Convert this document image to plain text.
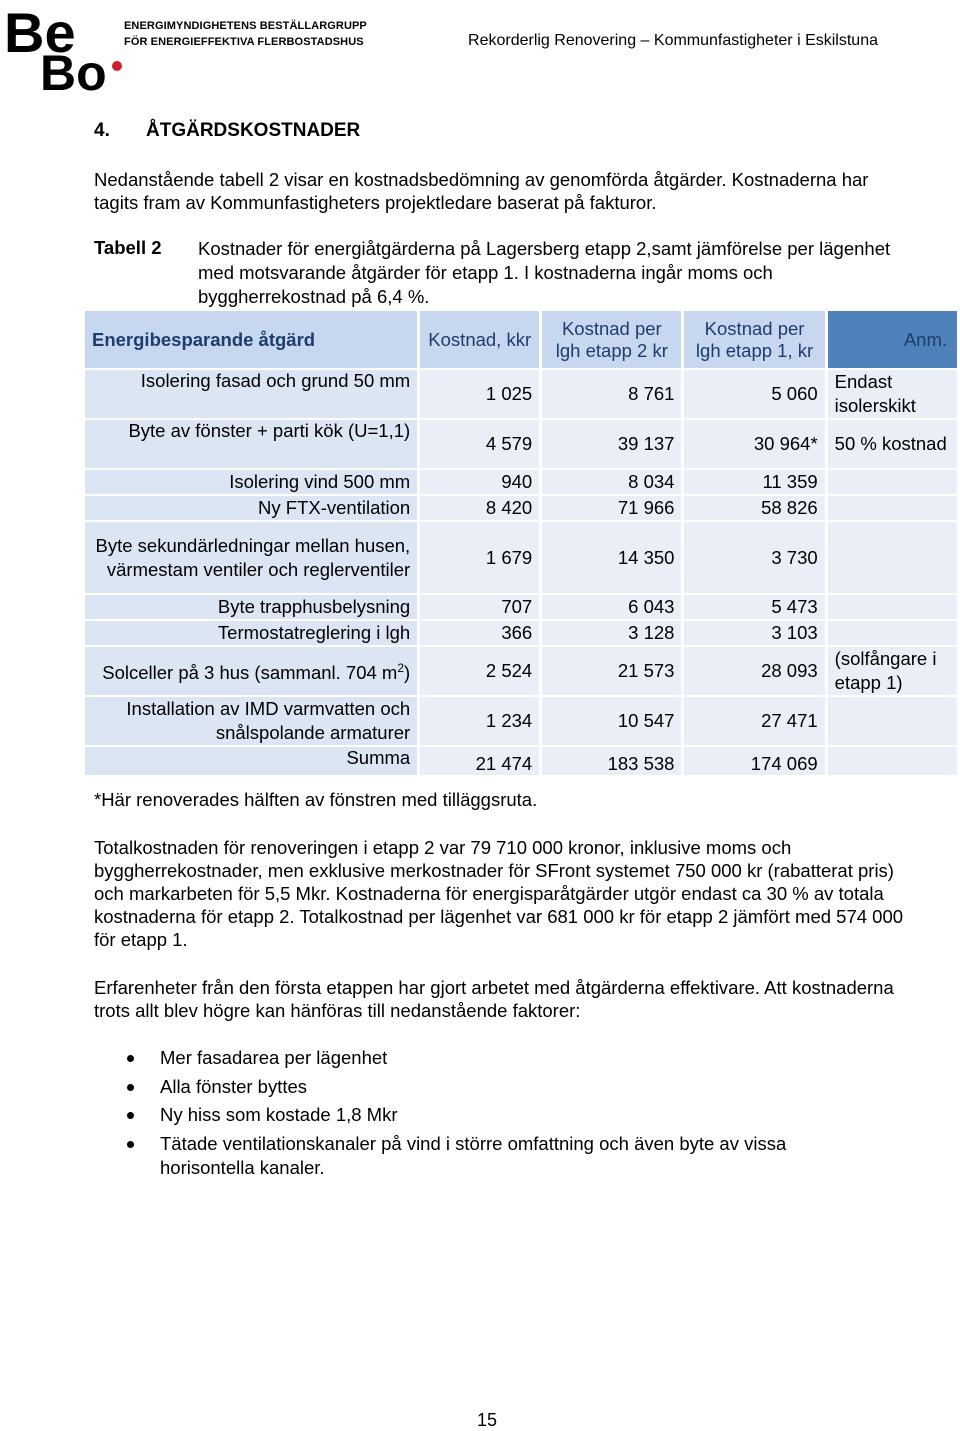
Be
Bo
ENERGIMYNDIGHETENS BESTÄLLARGRUPP
FÖR ENERGIEFFEKTIVA FLERBOSTADSHUS	Rekorderlig Renovering – Kommunfastigheter i Eskilstuna
4. ÅTGÄRDSKOSTNADER
Nedanstående tabell 2 visar en kostnadsbedömning av genomförda åtgärder. Kostnaderna har tagits fram av Kommunfastigheters projektledare baserat på fakturor.
Tabell 2 Kostnader för energiåtgärderna på Lagersberg etapp 2,samt jämförelse per lägenhet med motsvarande åtgärder för etapp 1. I kostnaderna ingår moms och byggherrekostnad på 6,4 %.
Energibesparande åtgärd	Kostnad, kkr	Kostnad per lgh etapp 2 kr	Kostnad per lgh etapp 1, kr	Anm.
Isolering fasad och grund 50 mm	1 025	8 761	5 060	Endast isolerskikt
Byte av fönster + parti kök (U=1,1)	4 579	39 137	30 964*	50 % kostnad
Isolering vind 500 mm	940	8 034	11 359	
Ny FTX-ventilation	8 420	71 966	58 826	
Byte sekundärledningar mellan husen, värmestam ventiler och reglerventiler	1 679	14 350	3 730	
Byte trapphusbelysning	707	6 043	5 473	
Termostatreglering i lgh	366	3 128	3 103	
Solceller på 3 hus (sammanl. 704 $m^2$)	2 524	21 573	28 093	(solfångare i etapp 1)
Installation av IMD varmvatten och snålspolande armaturer	1 234	10 547	27 471	
Summa	21 474	183 538	174 069	
*Här renoverades hälften av fönstren med tilläggsruta.
Totalkostnaden för renoveringen i etapp 2 var 79 710 000 kronor, inklusive moms och byggherrekostnader, men exklusive merkostnader för SFront systemet 750 000 kr (rabatterat pris) och markarbeten för 5,5 Mkr. Kostnaderna för energisparåtgärder utgör endast ca 30 % av totala kostnaderna för etapp 2. Totalkostnad per lägenhet var 681 000 kr för etapp 2 jämfört med 574 000 för etapp 1.
Erfarenheter från den första etappen har gjort arbetet med åtgärderna effektivare. Att kostnaderna trots allt blev högre kan hänföras till nedanstående faktorer:
Mer fasadarea per lägenhet
Alla fönster byttes
Ny hiss som kostade 1,8 Mkr
Tätade ventilationskanaler på vind i större omfattning och även byte av vissa horisontella kanaler.
15
